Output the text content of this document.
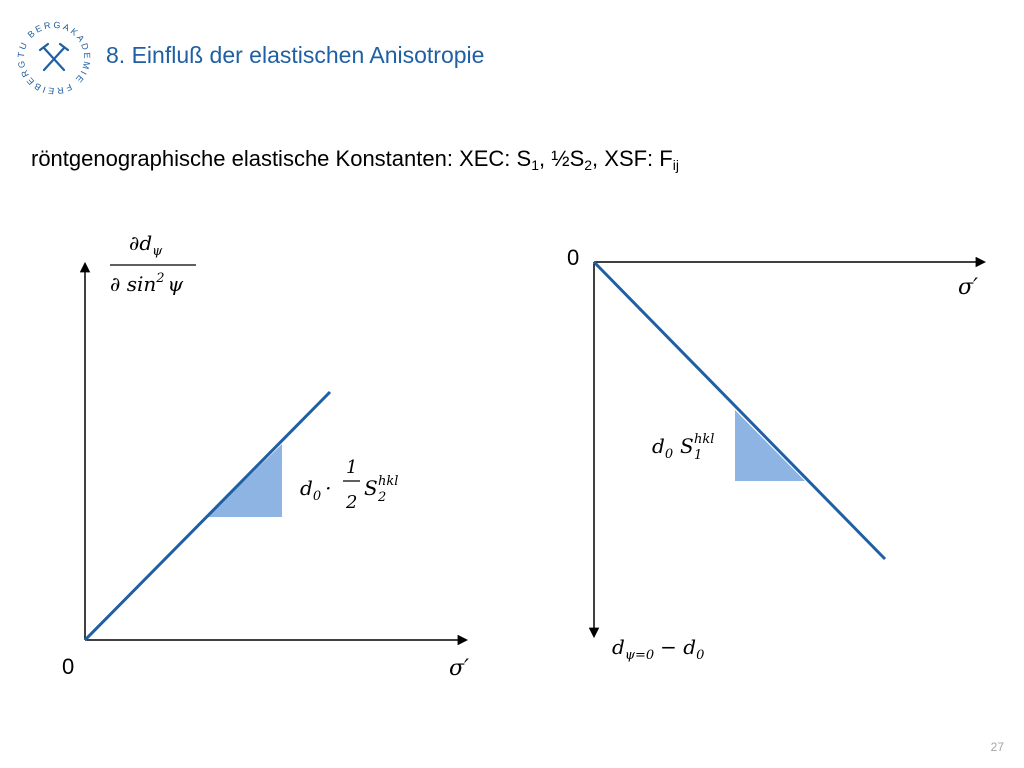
TU BERGAKADEMIE FREIBERG	8. Einfluß der elastischen Anisotropie
röntgenographische elastische Konstanten: XEC: $S_1$, $\frac{1}{2}S_2$, XSF: $F_{ij}$
0	σ′
$\partial d_\psi$
∂ $\sin^2 \psi$
$d_0$ ·
1
2
S hkl
2
0
σ′
$d_{\psi=0} - d_0$
$d_0$ S hkl
1
27
